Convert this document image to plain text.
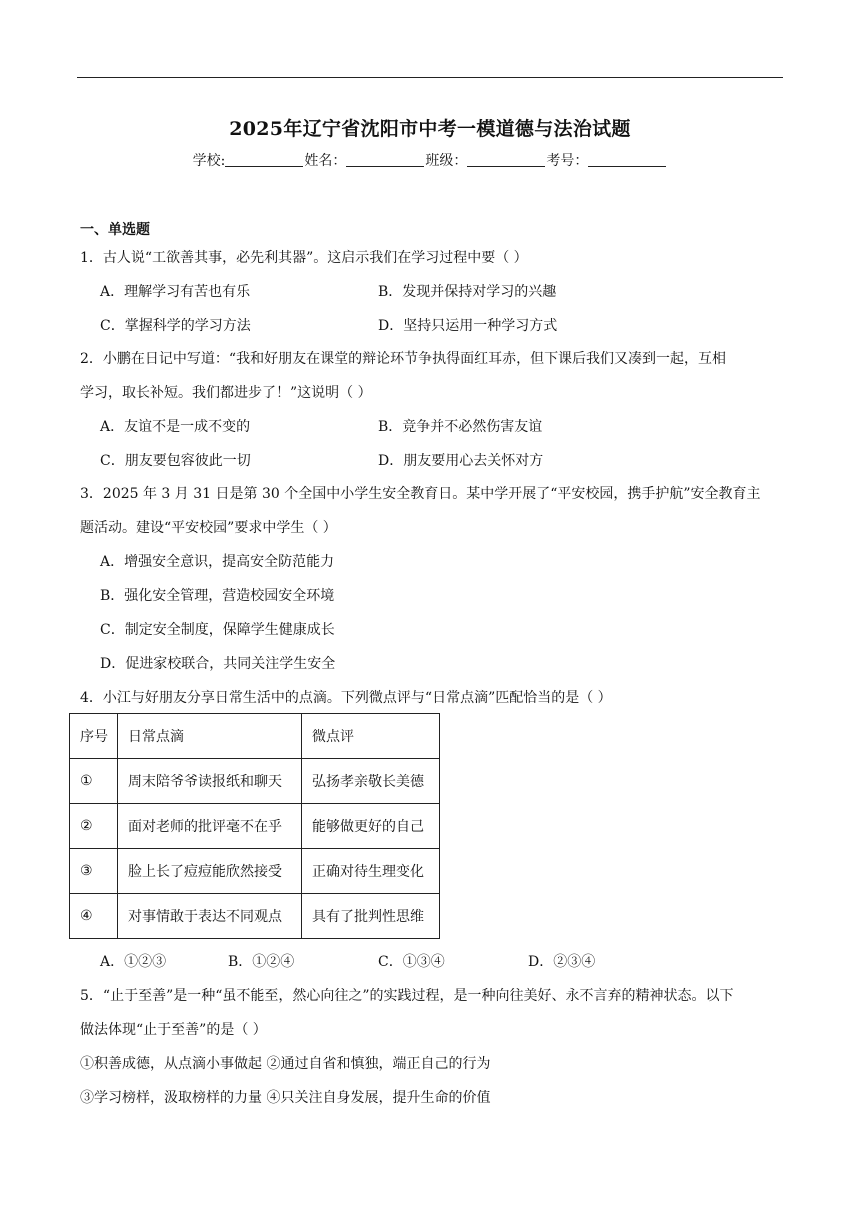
2025年辽宁省沈阳市中考一模道德与法治试题
学校:	姓名：	班级：	考号：
一、单选题
1．古人说“工欲善其事，必先利其器”。这启示我们在学习过程中要（ ）
A．理解学习有苦也有乐	B．发现并保持对学习的兴趣
C．掌握科学的学习方法	D．坚持只运用一种学习方式
2．小鹏在日记中写道：“我和好朋友在课堂的辩论环节争执得面红耳赤，但下课后我们又凑到一起，互相
学习，取长补短。我们都进步了！”这说明（ ）
A．友谊不是一成不变的	B．竞争并不必然伤害友谊
C．朋友要包容彼此一切	D．朋友要用心去关怀对方
3．2025 年 3 月 31 日是第 30 个全国中小学生安全教育日。某中学开展了“平安校园，携手护航”安全教育主
题活动。建设“平安校园”要求中学生（ ）
A．增强安全意识，提高安全防范能力
B．强化安全管理，营造校园安全环境
C．制定安全制度，保障学生健康成长
D．促进家校联合，共同关注学生安全
4．小江与好朋友分享日常生活中的点滴。下列微点评与“日常点滴”匹配恰当的是（ ）
序号	日常点滴	微点评
①	周末陪爷爷读报纸和聊天	弘扬孝亲敬长美德
②	面对老师的批评毫不在乎	能够做更好的自己
③	脸上长了痘痘能欣然接受	正确对待生理变化
④	对事情敢于表达不同观点	具有了批判性思维
A．①②③	B．①②④	C．①③④	D．②③④
5．“止于至善”是一种“虽不能至，然心向往之”的实践过程，是一种向往美好、永不言弃的精神状态。以下
做法体现“止于至善”的是（ ）
①积善成德，从点滴小事做起 ②通过自省和慎独，端正自己的行为
③学习榜样，汲取榜样的力量 ④只关注自身发展，提升生命的价值
